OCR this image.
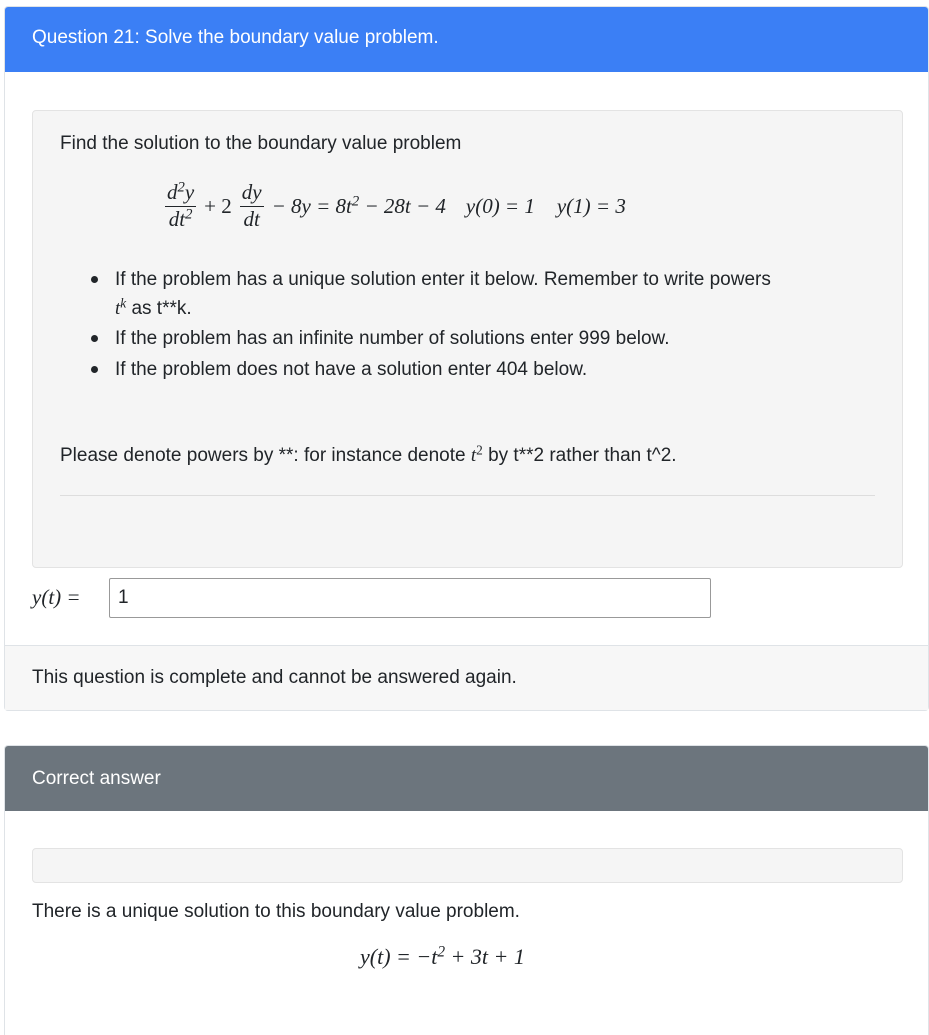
Question 21: Solve the boundary value problem.
Find the solution to the boundary value problem
$\frac{d^2y}{dt^2} + 2 \frac{dy}{dt} - 8y = 8t^2 - 28t - 4$ y(0) = 1 y(1) = 3
If the problem has a unique solution enter it below. Remember to write powers
$t^k$ as t**k.
If the problem has an infinite number of solutions enter 999 below.
If the problem does not have a solution enter 404 below.
Please denote powers by **: for instance denote $t^2$ by t**2 rather than t^2.
y(t) =
1
This question is complete and cannot be answered again.
Correct answer
There is a unique solution to this boundary value problem.
$y(t) = -t^2 + 3t + 1$
